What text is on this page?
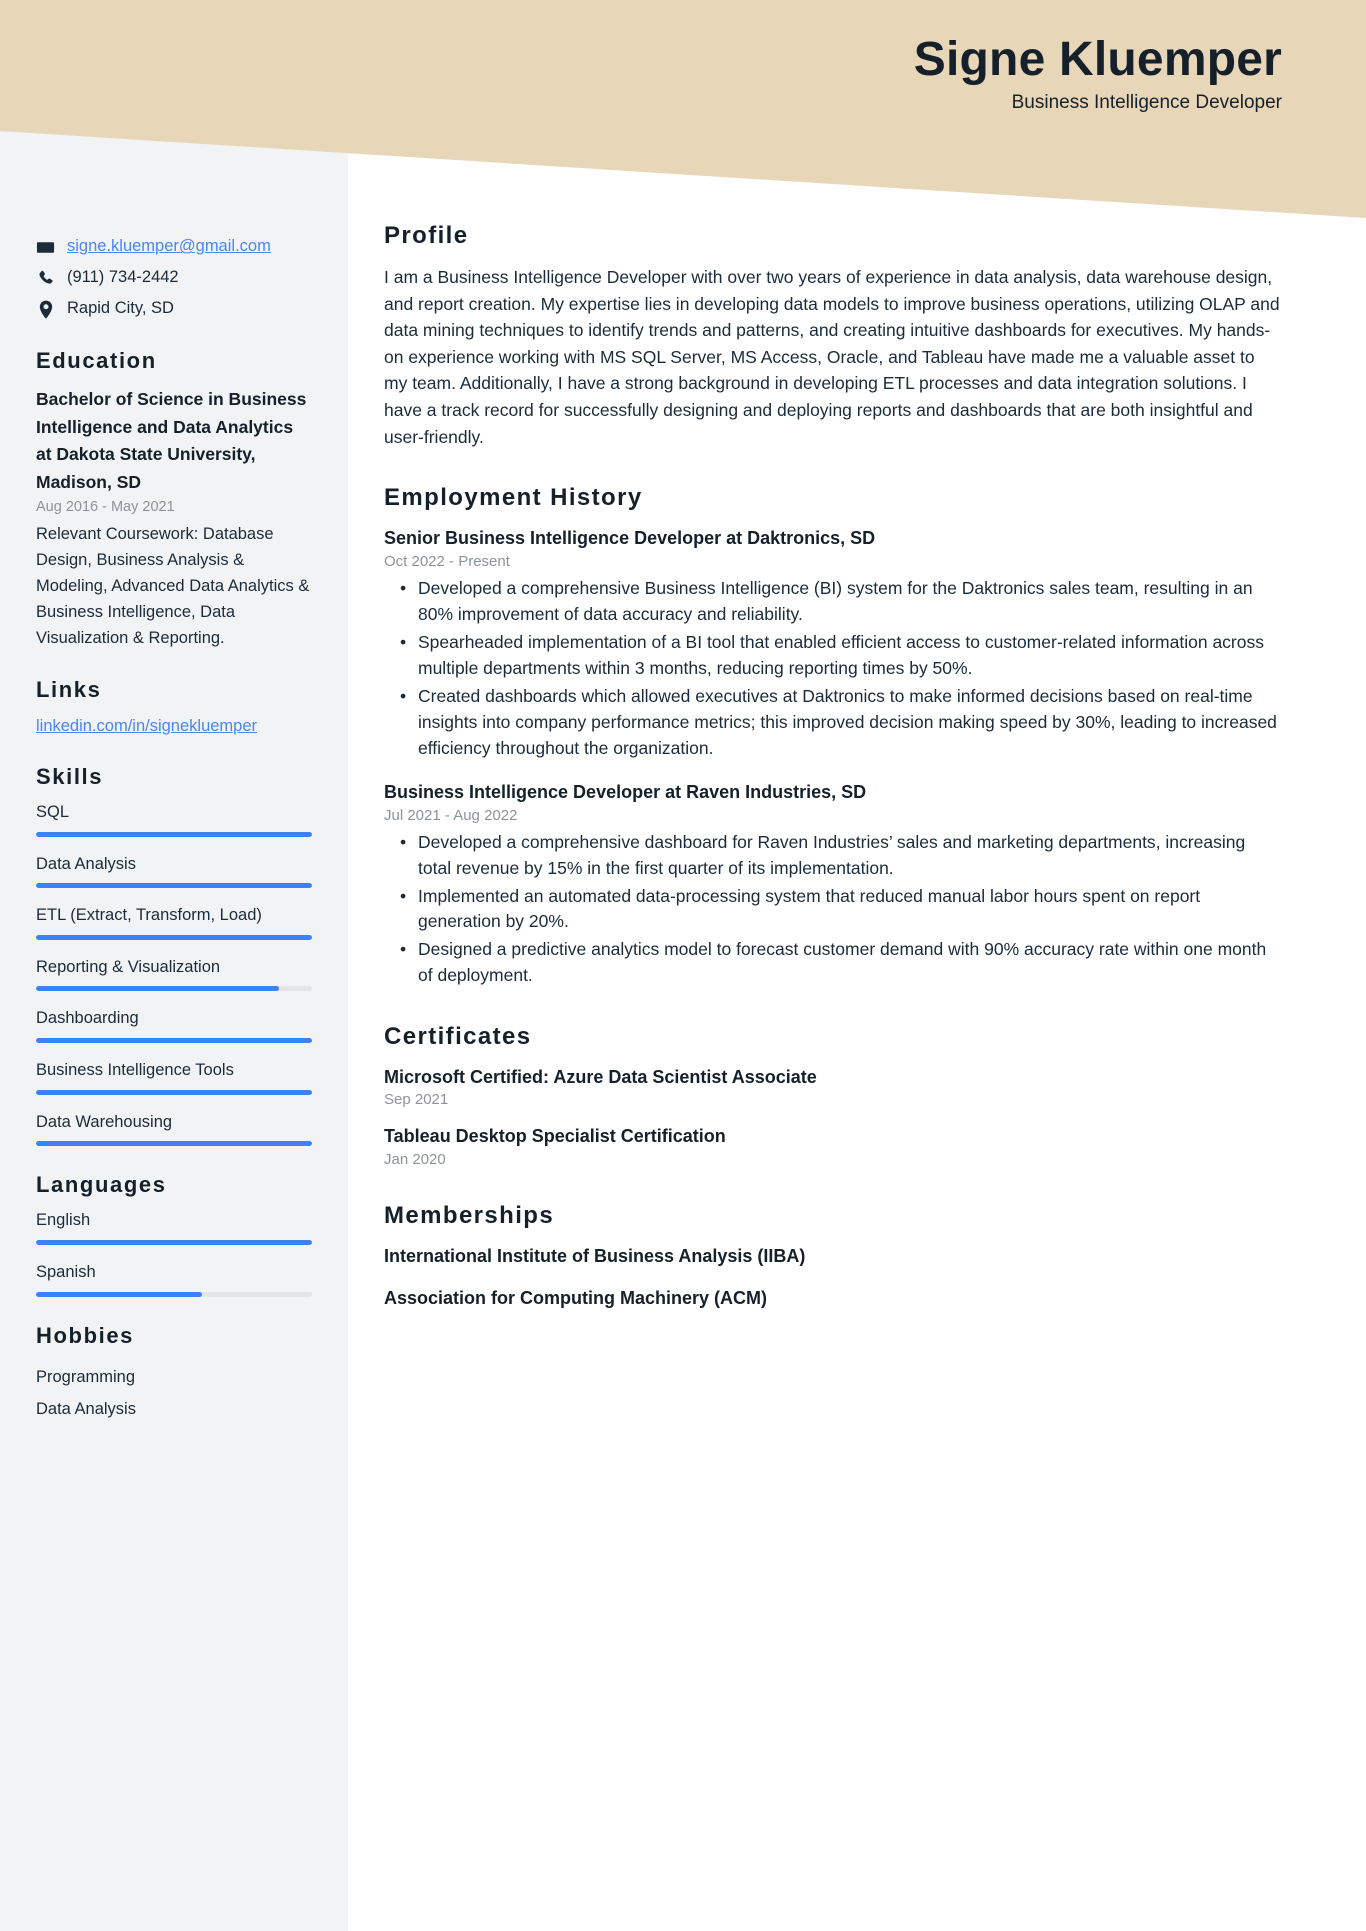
Signe Kluemper
Business Intelligence Developer
signe.kluemper@gmail.com
(911) 734-2442
Rapid City, SD
Education
Bachelor of Science in Business Intelligence and Data Analytics at Dakota State University, Madison, SD
Aug 2016 - May 2021
Relevant Coursework: Database Design, Business Analysis & Modeling, Advanced Data Analytics & Business Intelligence, Data Visualization & Reporting.
Links
linkedin.com/in/signekluemper
Skills
SQL
Data Analysis
ETL (Extract, Transform, Load)
Reporting & Visualization
Dashboarding
Business Intelligence Tools
Data Warehousing
Languages
English
Spanish
Hobbies
Programming
Data Analysis
Profile
I am a Business Intelligence Developer with over two years of experience in data analysis, data warehouse design, and report creation. My expertise lies in developing data models to improve business operations, utilizing OLAP and data mining techniques to identify trends and patterns, and creating intuitive dashboards for executives. My hands-on experience working with MS SQL Server, MS Access, Oracle, and Tableau have made me a valuable asset to my team. Additionally, I have a strong background in developing ETL processes and data integration solutions. I have a track record for successfully designing and deploying reports and dashboards that are both insightful and user-friendly.
Employment History
Senior Business Intelligence Developer at Daktronics, SD
Oct 2022 - Present
• Developed a comprehensive Business Intelligence (BI) system for the Daktronics sales team, resulting in an 80% improvement of data accuracy and reliability.
• Spearheaded implementation of a BI tool that enabled efficient access to customer-related information across multiple departments within 3 months, reducing reporting times by 50%.
• Created dashboards which allowed executives at Daktronics to make informed decisions based on real-time insights into company performance metrics; this improved decision making speed by 30%, leading to increased efficiency throughout the organization.
Business Intelligence Developer at Raven Industries, SD
Jul 2021 - Aug 2022
• Developed a comprehensive dashboard for Raven Industries’ sales and marketing departments, increasing total revenue by 15% in the first quarter of its implementation.
• Implemented an automated data-processing system that reduced manual labor hours spent on report generation by 20%.
• Designed a predictive analytics model to forecast customer demand with 90% accuracy rate within one month of deployment.
Certificates
Microsoft Certified: Azure Data Scientist Associate
Sep 2021
Tableau Desktop Specialist Certification
Jan 2020
Memberships
International Institute of Business Analysis (IIBA)
Association for Computing Machinery (ACM)
